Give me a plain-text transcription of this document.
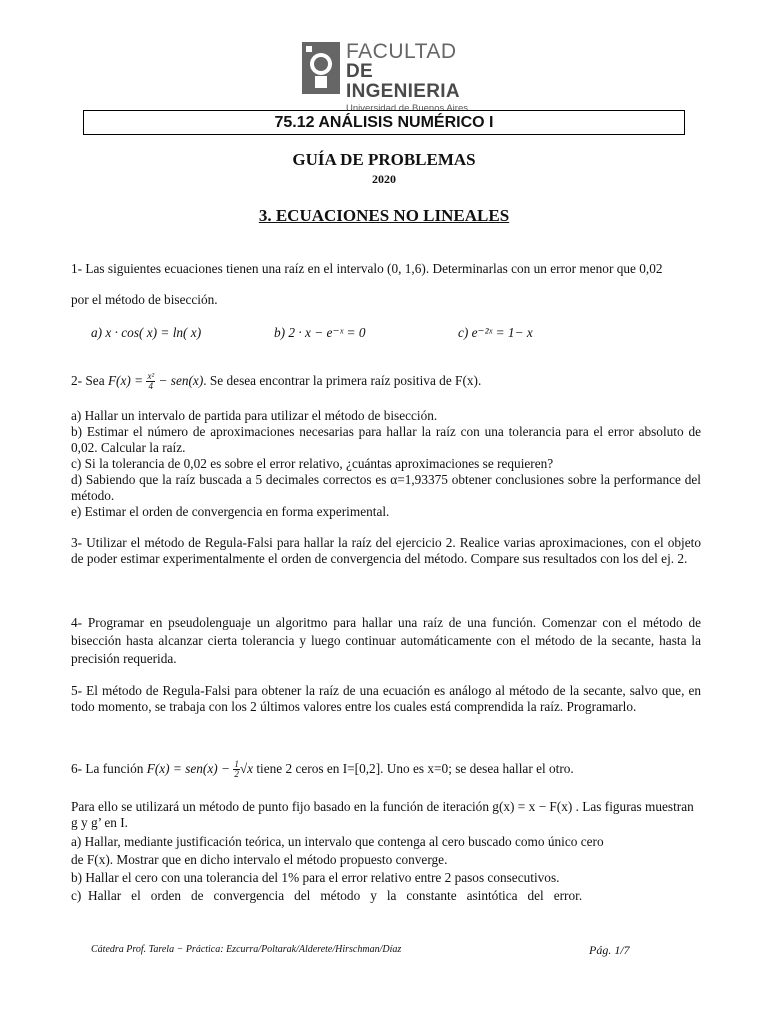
FACULTAD
DE INGENIERIA
Universidad de Buenos Aires
75.12 ANÁLISIS NUMÉRICO I
GUÍA DE PROBLEMAS
2020
3. ECUACIONES NO LINEALES
1- Las siguientes ecuaciones tienen una raíz en el intervalo (0, 1,6). Determinarlas con un error menor que 0,02
por el método de bisección.
a) x · cos( x) = ln( x)	b) 2 · x − e⁻ˣ = 0	c) e⁻²ˣ = 1− x
2- Sea $F(x) = \frac{\text{x²}}{4} - sen(x)$. Se desea encontrar la primera raíz positiva de F(x).
a) Hallar un intervalo de partida para utilizar el método de bisección.
b) Estimar el número de aproximaciones necesarias para hallar la raíz con una tolerancia para el error absoluto de 0,02. Calcular la raíz.
c) Si la tolerancia de 0,02 es sobre el error relativo, ¿cuántas aproximaciones se requieren?
d) Sabiendo que la raíz buscada a 5 decimales correctos es α=1,93375 obtener conclusiones sobre la performance del método.
e) Estimar el orden de convergencia en forma experimental.
3- Utilizar el método de Regula-Falsi para hallar la raíz del ejercicio 2. Realice varias aproximaciones, con el objeto de poder estimar experimentalmente el orden de convergencia del método. Compare sus resultados con los del ej. 2.
4- Programar en pseudolenguaje un algoritmo para hallar una raíz de una función. Comenzar con el método de bisección hasta alcanzar cierta tolerancia y luego continuar automáticamente con el método de la secante, hasta la precisión requerida.
5- El método de Regula-Falsi para obtener la raíz de una ecuación es análogo al método de la secante, salvo que, en todo momento, se trabaja con los 2 últimos valores entre los cuales está comprendida la raíz. Programarlo.
6- La función $F(x) = sen(x) - \frac{1}{2} √x$ tiene 2 ceros en I=[0,2]. Uno es x=0; se desea hallar el otro.
Para ello se utilizará un método de punto fijo basado en la función de iteración g(x) = x − F(x) . Las figuras muestran g y g’ en I.
a) Hallar, mediante justificación teórica, un intervalo que contenga al cero buscado como único cero
de F(x). Mostrar que en dicho intervalo el método propuesto converge.
b) Hallar el cero con una tolerancia del 1% para el error relativo entre 2 pasos consecutivos.
c)  Hallar   el   orden   de   convergencia   del   método   y   la   constante   asintótica   del   error.
Cátedra Prof. Tarela − Práctica: Ezcurra/Poltarak/Alderete/Hirschman/Díaz	Pág. 1/7
